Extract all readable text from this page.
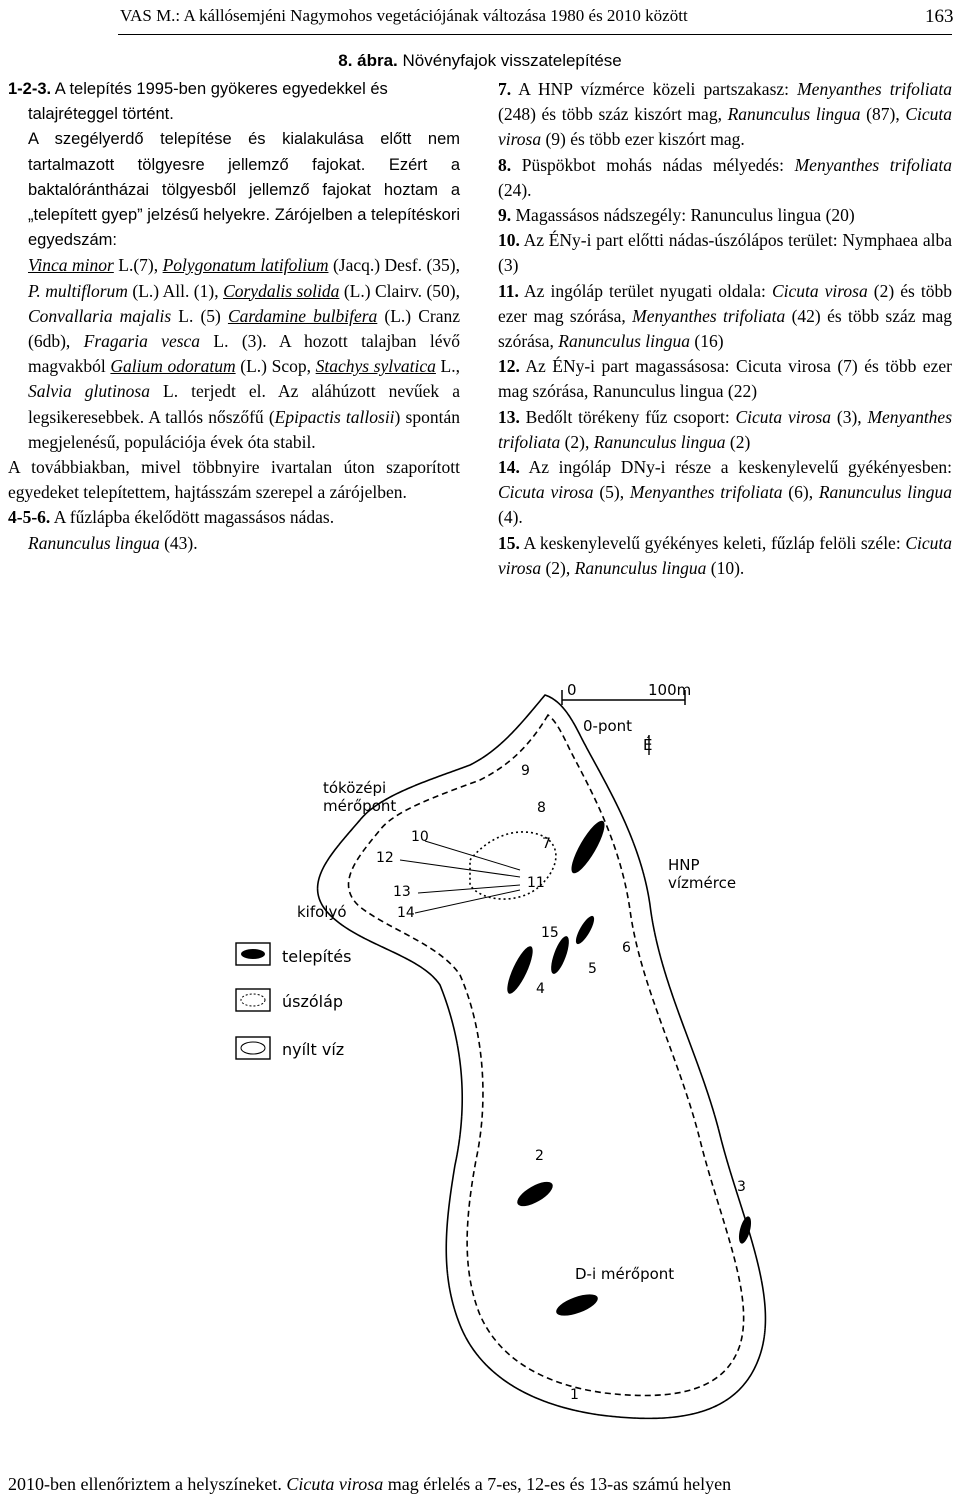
VAS M.: A kállósemjéni Nagymohos vegetációjának változása 1980 és 2010 között	163
8. ábra. Növényfajok visszatelepítése

1-2-3. A telepítés 1995-ben gyökeres egyedekkel és
talajréteggel történt.

A szegélyerdő telepítése és kialakulása előtt nem tartalmazott tölgyesre jellemző fajokat. Ezért a baktalórántházai tölgyesből jellemző fajokat hoztam a „telepített gyep” jelzésű helyekre. Zárójelben a telepítéskori egyedszám:

Vinca minor L.(7), Polygonatum latifolium (Jacq.) Desf. (35), P. multiflorum (L.) All. (1), Corydalis solida (L.) Clairv. (50), Convallaria majalis L. (5) Cardamine bulbifera (L.) Cranz (6db), Fragaria vesca L. (3). A hozott talajban lévő magvakból Galium odoratum (L.) Scop, Stachys sylvatica L., Salvia glutinosa L. terjedt el. Az aláhúzott nevűek a legsikeresebbek. A tallós nőszőfű (Epipactis tallosii) spontán megjelenésű, populációja évek óta stabil.

A továbbiakban, mivel többnyire ivartalan úton szaporított egyedeket telepítettem, hajtásszám szerepel a zárójelben.

4-5-6. A fűzlápba ékelődött magassásos nádas.
Ranunculus lingua (43).

7. A HNP vízmérce közeli partszakasz: Menyanthes trifoliata (248) és több száz kiszórt mag, Ranunculus lingua (87), Cicuta virosa (9) és több ezer kiszórt mag.

8. Püspökbot mohás nádas mélyedés: Menyanthes trifoliata (24).

9. Magassásos nádszegély: Ranunculus lingua (20)

10. Az ÉNy-i part előtti nádas-úszólápos terület: Nymphaea alba (3)

11. Az ingóláp terület nyugati oldala: Cicuta virosa (2) és több ezer mag szórása, Menyanthes trifoliata (42) és több száz mag szórása, Ranunculus lingua (16)

12. Az ÉNy-i part magassásosa: Cicuta virosa (7) és több ezer mag szórása, Ranunculus lingua (22)

13. Bedőlt törékeny fűz csoport: Cicuta virosa (3), Menyanthes trifoliata (2), Ranunculus lingua (2)

14. Az ingóláp DNy-i része a keskenylevelű gyékényesben: Cicuta virosa (5), Menyanthes trifoliata (6), Ranunculus lingua (4).

15. A keskenylevelű gyékényes keleti, fűzláp felöli széle: Cicuta virosa (2), Ranunculus lingua (10).

0	100m
0-pont
É
tóközépi
mérőpont
HNP
vízmérce
kifolyó
D-i mérőpont
1
2
3
4
5
6
7
8
9
10
11
12
13
14
15
telepítés
úszóláp
nyílt víz
2010-ben ellenőriztem a helyszíneket. Cicuta virosa mag érlelés a 7-es, 12-es és 13-as számú helyen
